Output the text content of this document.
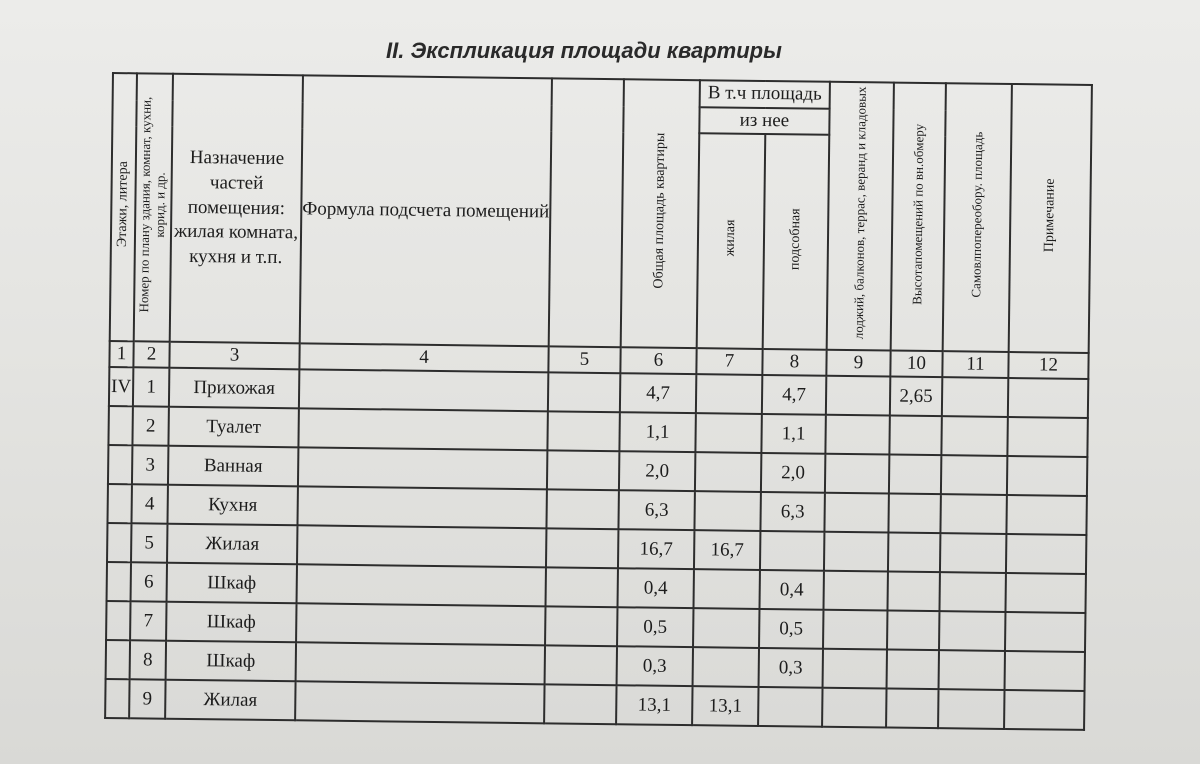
II. Экспликация площади квартиры
Этажи, литера	Номер по плану здания, комнат, кухни, корид. и др.	Назначение частей помещения: жилая комната, кухня и т.п.	Формула подсчета помещений		Общая площадь квартиры	В т.ч площадь		лоджий, балконов, террас, веранд и кладовых	Высотапомещений по вн.обмеру	Самовлпопереобору. площадь	Примечание
						из нее					
						жилая	подсобная				
1	2	3	4	5	6	7	8	9	10	11	12
IV	1	Прихожая			4,7		4,7		2,65		
	2	Туалет			1,1		1,1				
	3	Ванная			2,0		2,0				
	4	Кухня			6,3		6,3				
	5	Жилая			16,7	16,7					
	6	Шкаф			0,4		0,4				
	7	Шкаф			0,5		0,5				
	8	Шкаф			0,3		0,3				
	9	Жилая			13,1	13,1					
